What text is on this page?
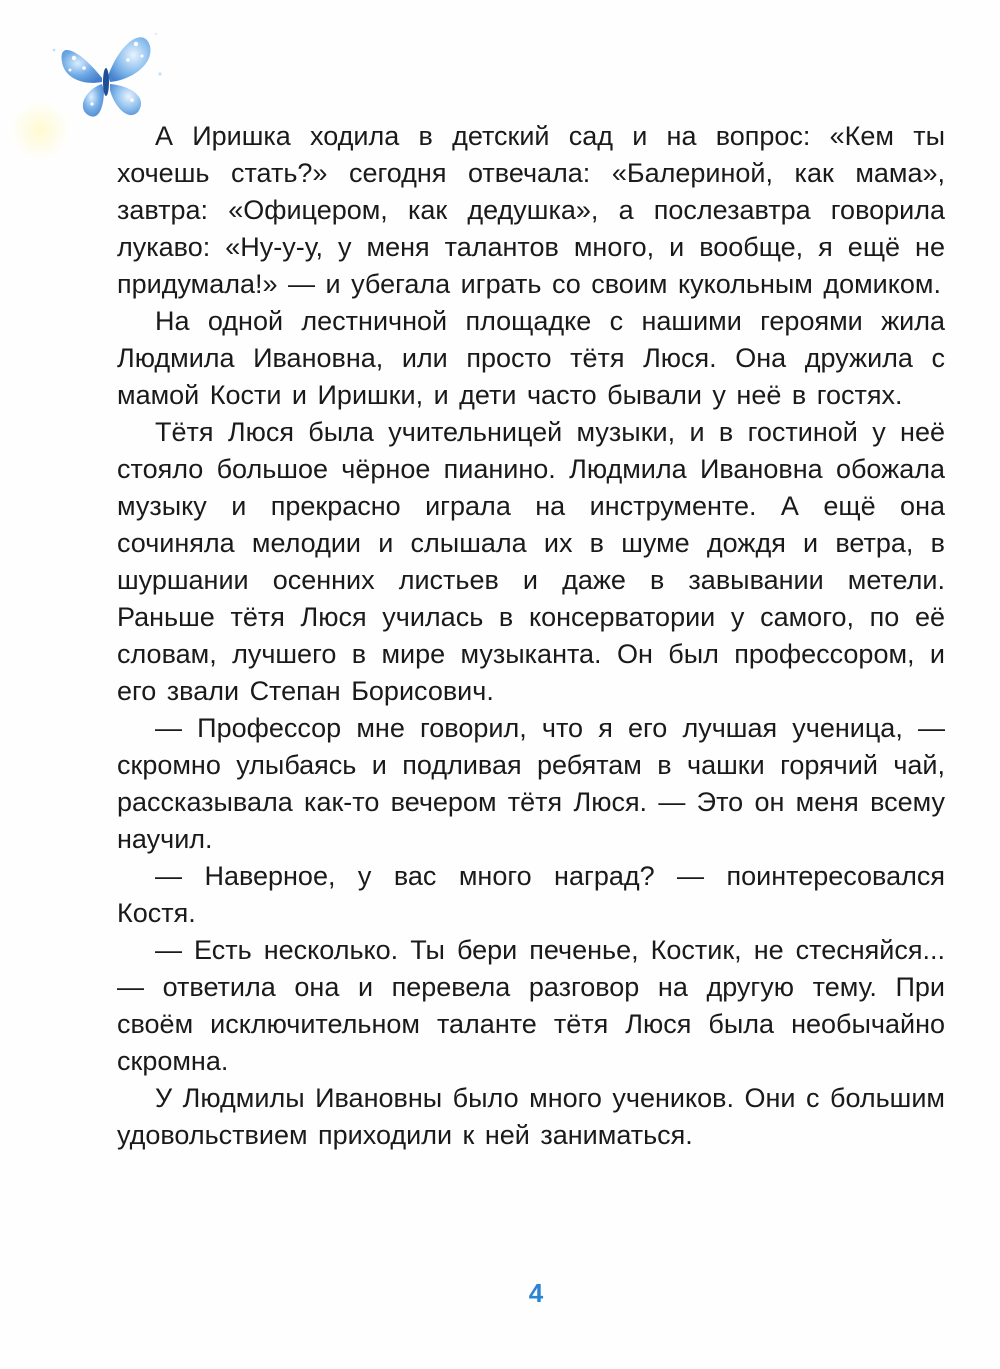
А Иришка ходила в детский сад и на вопрос: «Кем ты хочешь стать?» сегодня отвечала: «Балериной, как мама», завтра: «Офицером, как дедушка», а послезавтра говорила лукаво: «Ну-у-у, у меня талантов много, и вообще, я ещё не придумала!» — и убегала играть со своим кукольным домиком.

На одной лестничной площадке с нашими героями жила Людмила Ивановна, или просто тётя Люся. Она дружила с мамой Кости и Иришки, и дети часто бывали у неё в гостях.

Тётя Люся была учительницей музыки, и в гостиной у неё стояло большое чёрное пианино. Людмила Ивановна обожала музыку и прекрасно играла на инструменте. А ещё она сочиняла мелодии и слышала их в шуме дождя и ветра, в шуршании осенних листьев и даже в завывании метели. Раньше тётя Люся училась в консерватории у самого, по её словам, лучшего в мире музыканта. Он был профессором, и его звали Степан Борисович.

— Профессор мне говорил, что я его лучшая ученица, — скромно улыбаясь и подливая ребятам в чашки горячий чай, рассказывала как-то вечером тётя Люся. — Это он меня всему научил.

— Наверное, у вас много наград? — поинтересовался Костя.

— Есть несколько. Ты бери печенье, Костик, не стесняйся... — ответила она и перевела разговор на другую тему. При своём исключительном таланте тётя Люся была необычайно скромна.

У Людмилы Ивановны было много учеников. Они с большим удовольствием приходили к ней заниматься.

4
